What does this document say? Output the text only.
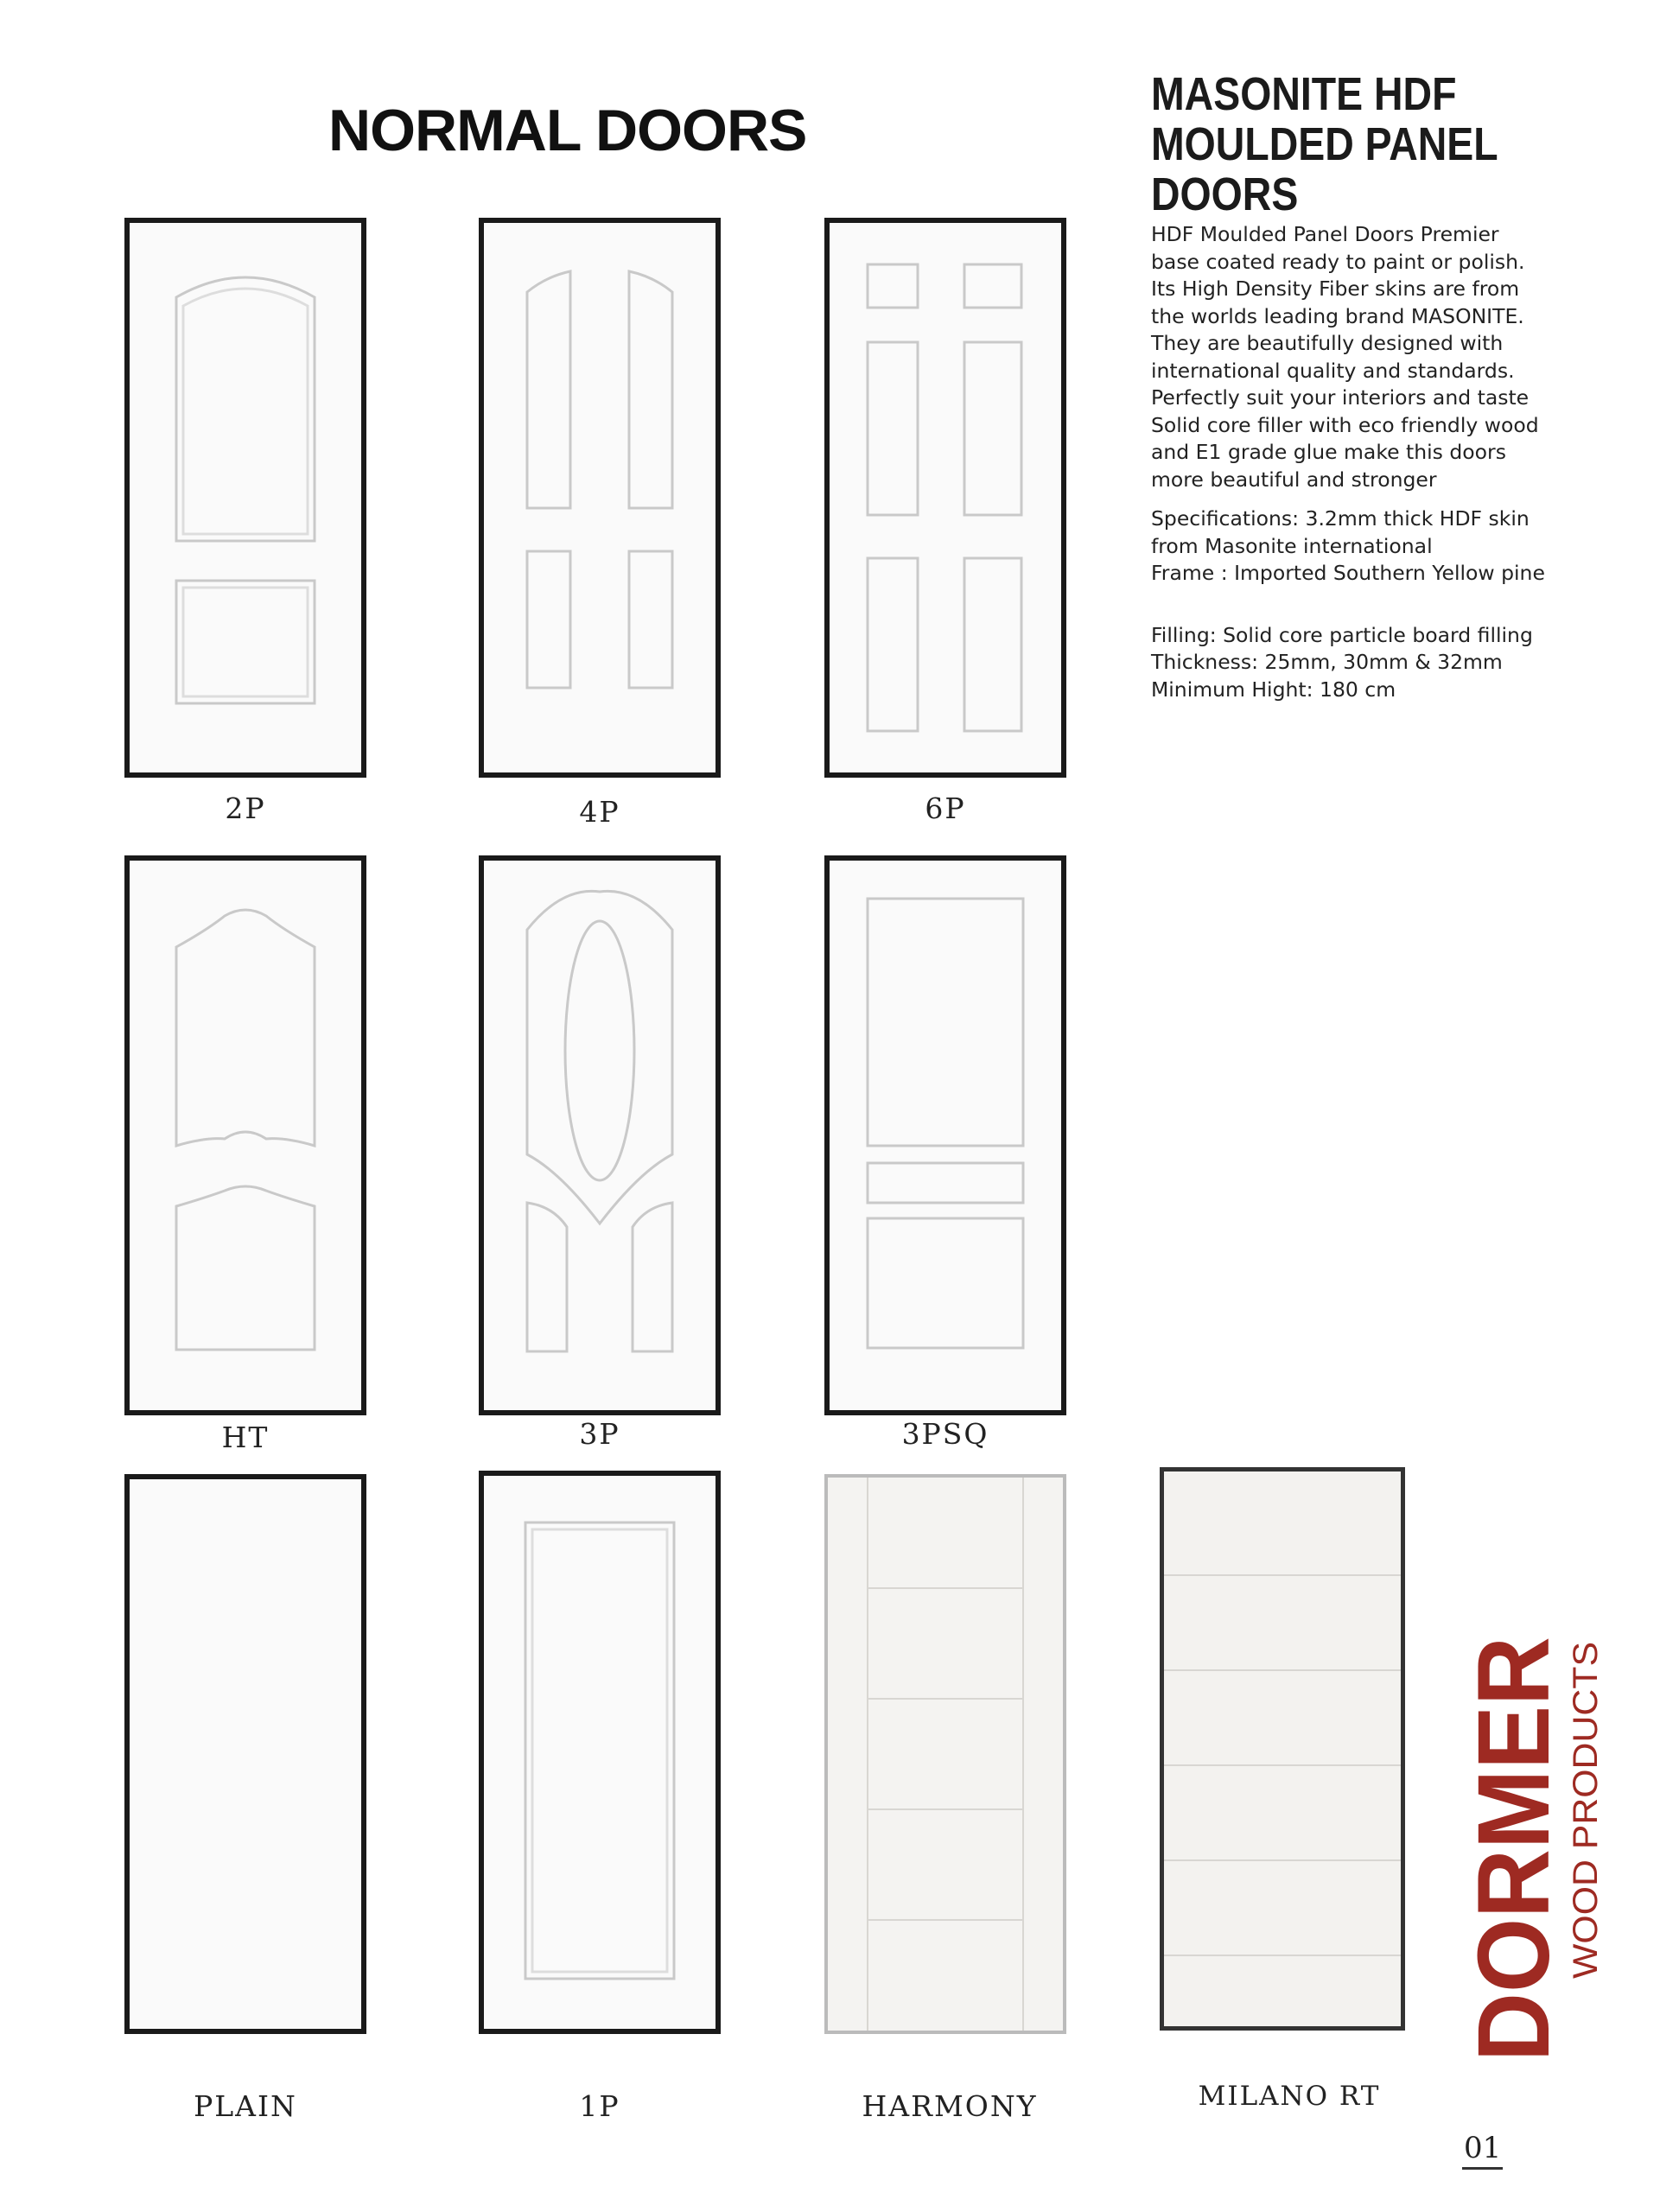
NORMAL DOORS
MASONITE HDF
MOULDED PANEL
DOORS
HDF Moulded Panel Doors Premier
base coated ready to paint or polish.
Its High Density Fiber skins are from
the worlds leading brand MASONITE.
They are beautifully designed with
international quality and standards.
Perfectly suit your interiors and taste
Solid core filler with eco friendly wood
and E1 grade glue make this doors
more beautiful and stronger
Specifications: 3.2mm thick HDF skin
from Masonite international
Frame : Imported Southern Yellow pine
Filling: Solid core particle board filling
Thickness: 25mm, 30mm & 32mm
Minimum Hight: 180 cm
2P	4P	6P
HT	3P	3PSQ
PLAIN	1P	HARMONY	MILANO RT
DORMER
WOOD PRODUCTS
01
